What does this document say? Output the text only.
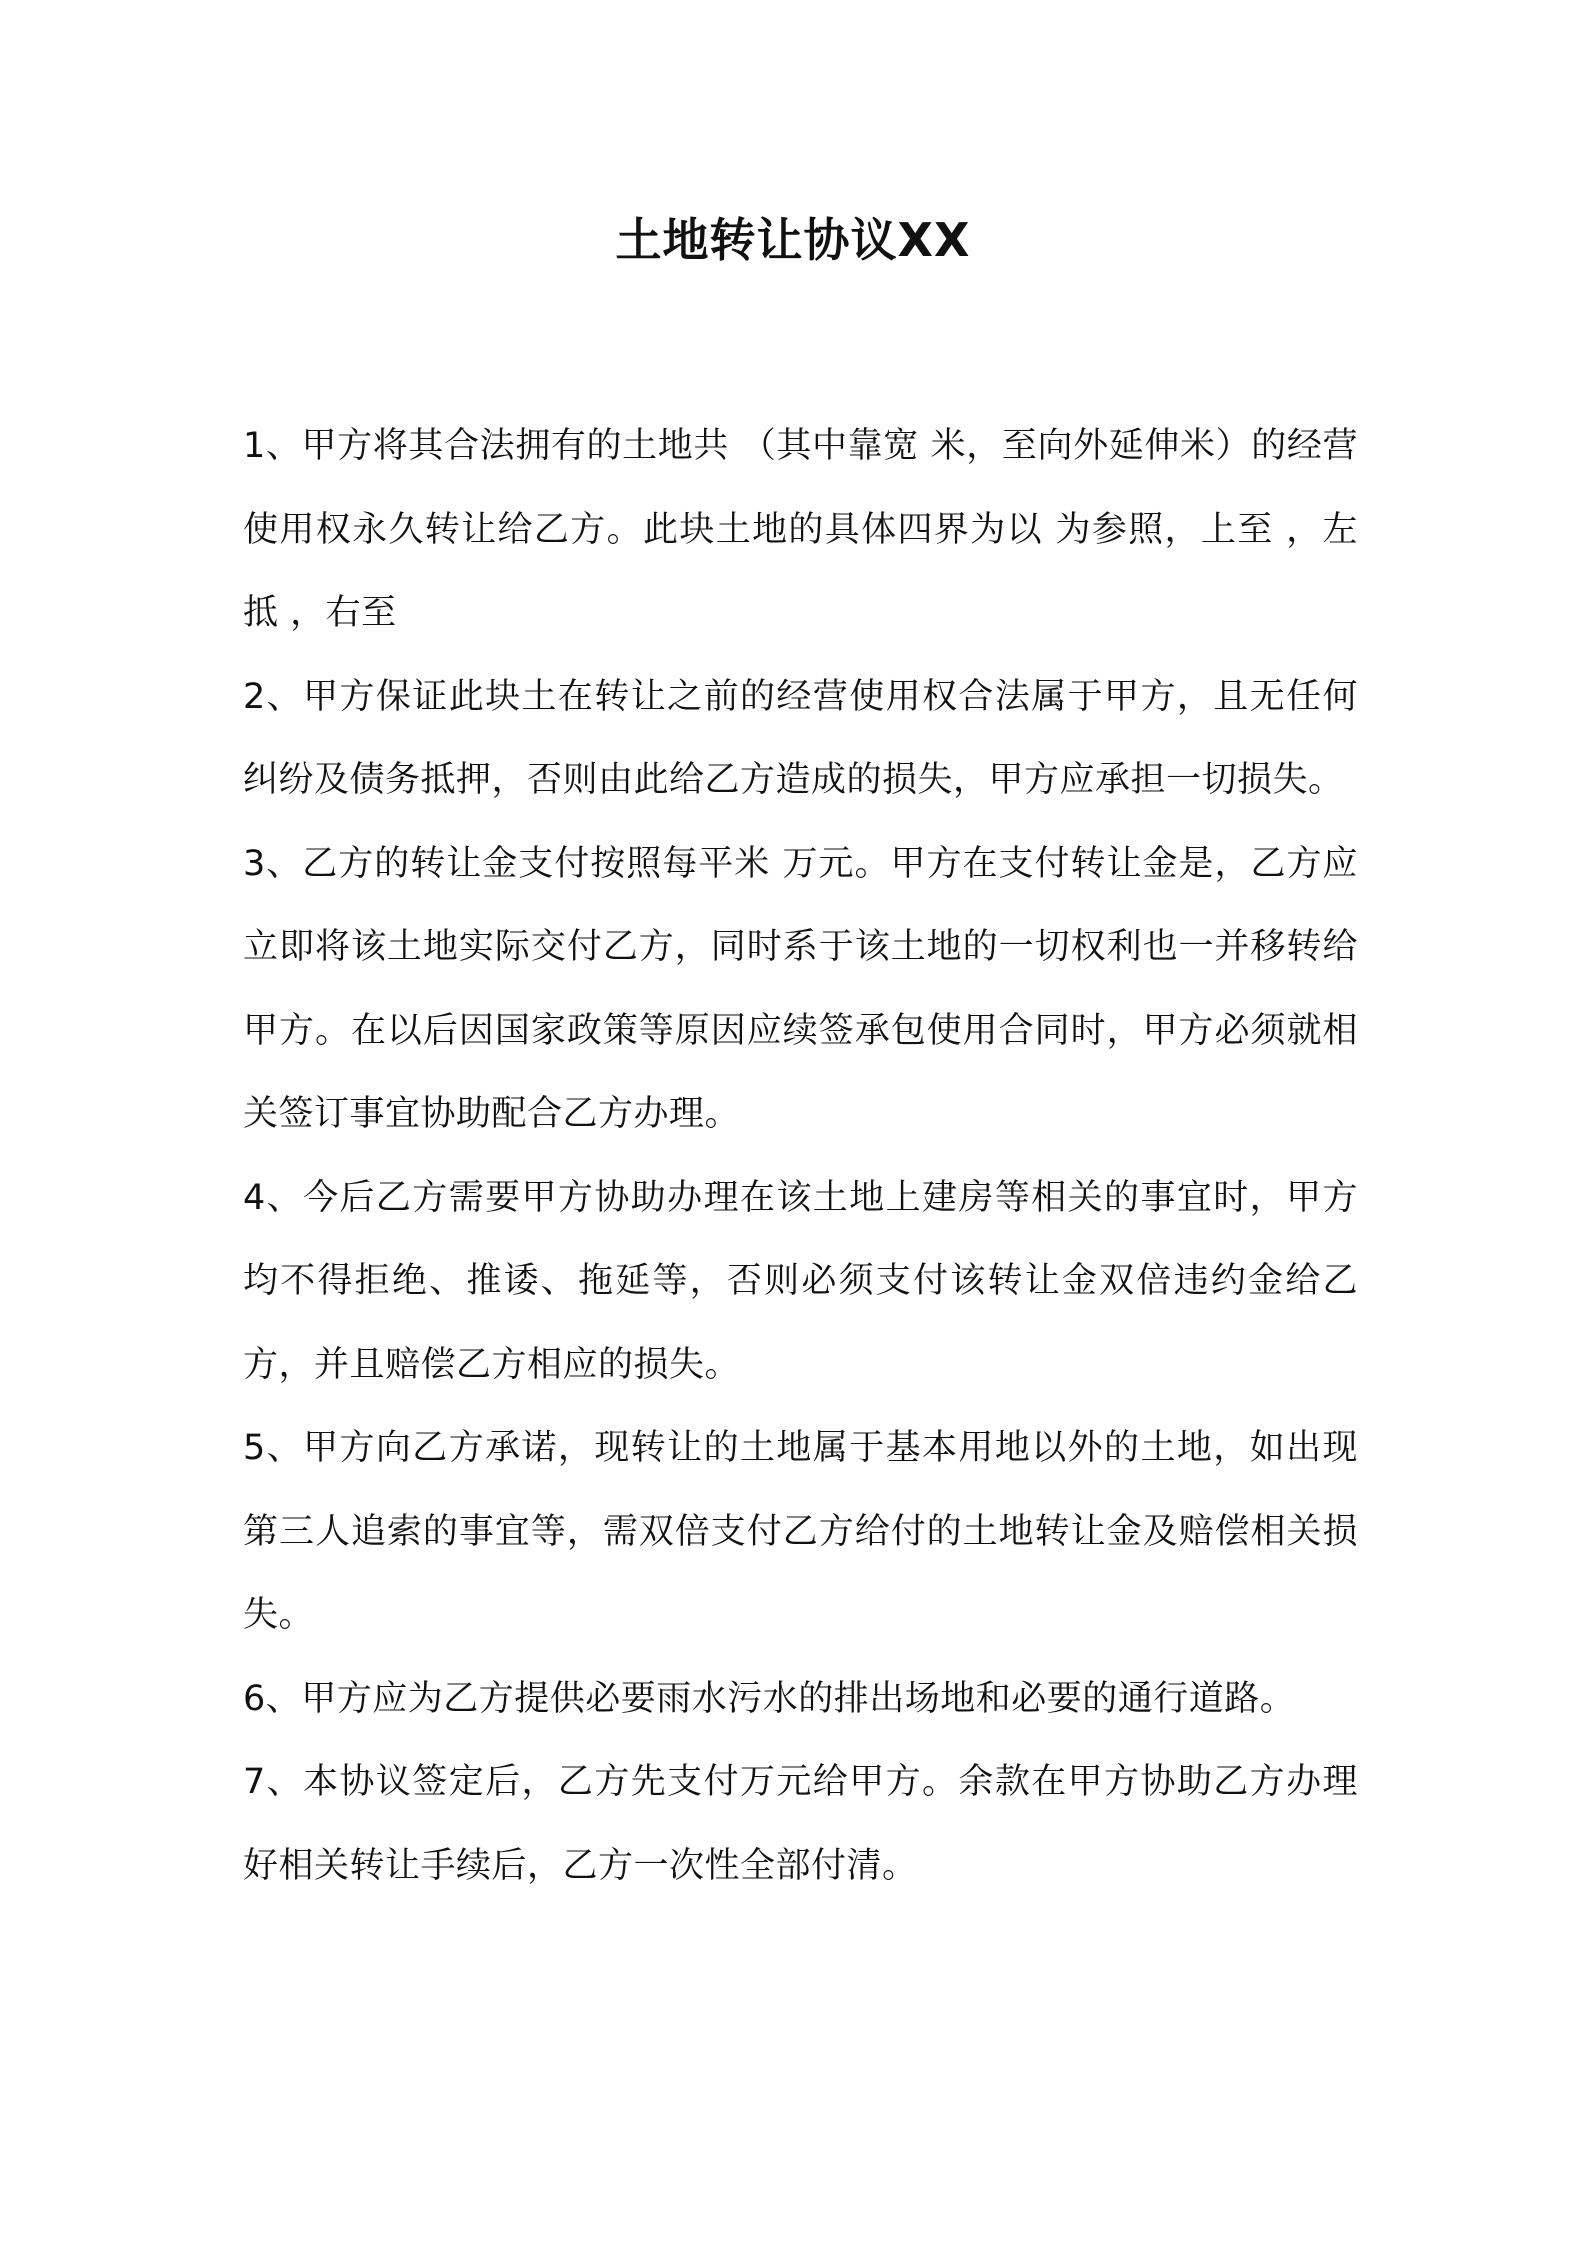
土地转让协议XX

1、甲方将其合法拥有的土地共 （其中靠宽 米，至向外延伸米）的经营使用权永久转让给乙方。此块土地的具体四界为以 为参照，上至 ，左抵 ，右至

2、甲方保证此块土在转让之前的经营使用权合法属于甲方，且无任何纠纷及债务抵押，否则由此给乙方造成的损失，甲方应承担一切损失。

3、乙方的转让金支付按照每平米 万元。甲方在支付转让金是，乙方应立即将该土地实际交付乙方，同时系于该土地的一切权利也一并移转给甲方。在以后因国家政策等原因应续签承包使用合同时，甲方必须就相关签订事宜协助配合乙方办理。

4、今后乙方需要甲方协助办理在该土地上建房等相关的事宜时，甲方均不得拒绝、推诿、拖延等，否则必须支付该转让金双倍违约金给乙方，并且赔偿乙方相应的损失。

5、甲方向乙方承诺，现转让的土地属于基本用地以外的土地，如出现第三人追索的事宜等，需双倍支付乙方给付的土地转让金及赔偿相关损失。

6、甲方应为乙方提供必要雨水污水的排出场地和必要的通行道路。

7、本协议签定后，乙方先支付万元给甲方。余款在甲方协助乙方办理好相关转让手续后，乙方一次性全部付清。
